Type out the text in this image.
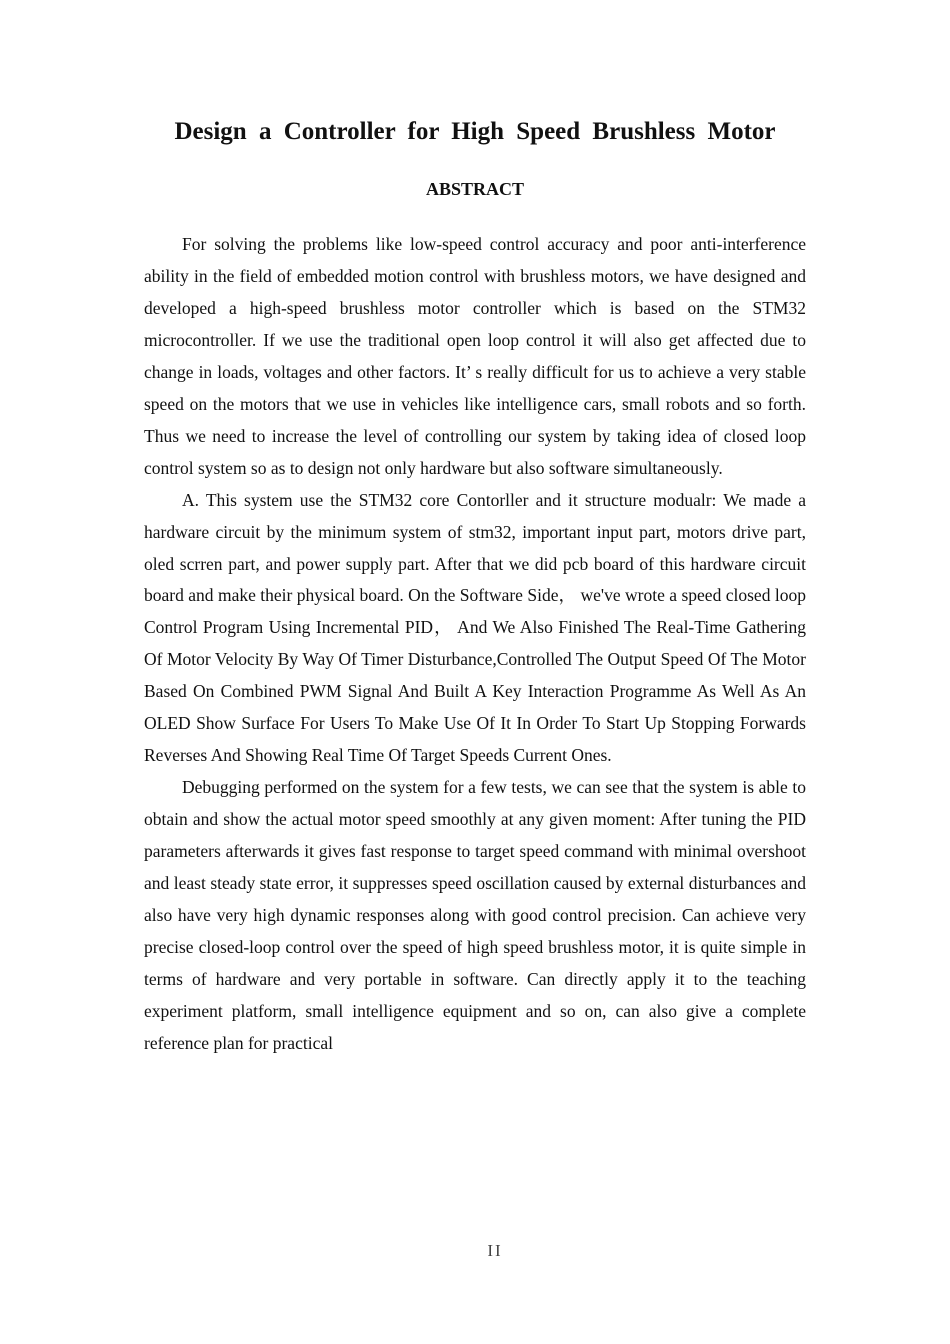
Design a Controller for High Speed Brushless Motor
ABSTRACT

For solving the problems like low-speed control accuracy and poor anti-interference ability in the field of embedded motion control with brushless motors, we have designed and developed a high-speed brushless motor controller which is based on the STM32 microcontroller. If we use the traditional open loop control it will also get affected due to change in loads, voltages and other factors. It’ s really difficult for us to achieve a very stable speed on the motors that we use in vehicles like intelligence cars, small robots and so forth. Thus we need to increase the level of controlling our system by taking idea of closed loop control system so as to design not only hardware but also software simultaneously.

A. This system use the STM32 core Contorller and it structure modualr: We made a hardware circuit by the minimum system of stm32, important input part, motors drive part, oled scrren part, and power supply part. After that we did pcb board of this hardware circuit board and make their physical board. On the Software Side， we've wrote a speed closed loop Control Program Using Incremental PID， And We Also Finished The Real-Time Gathering Of Motor Velocity By Way Of Timer Disturbance,Controlled The Output Speed Of The Motor Based On Combined PWM Signal And Built A Key Interaction Programme As Well As An OLED Show Surface For Users To Make Use Of It In Order To Start Up Stopping Forwards Reverses And Showing Real Time Of Target Speeds Current Ones.

Debugging performed on the system for a few tests, we can see that the system is able to obtain and show the actual motor speed smoothly at any given moment: After tuning the PID parameters afterwards it gives fast response to target speed command with minimal overshoot and least steady state error, it suppresses speed oscillation caused by external disturbances and also have very high dynamic responses along with good control precision. Can achieve very precise closed-loop control over the speed of high speed brushless motor, it is quite simple in terms of hardware and very portable in software. Can directly apply it to the teaching experiment platform, small intelligence equipment and so on, can also give a complete reference plan for practical

II
